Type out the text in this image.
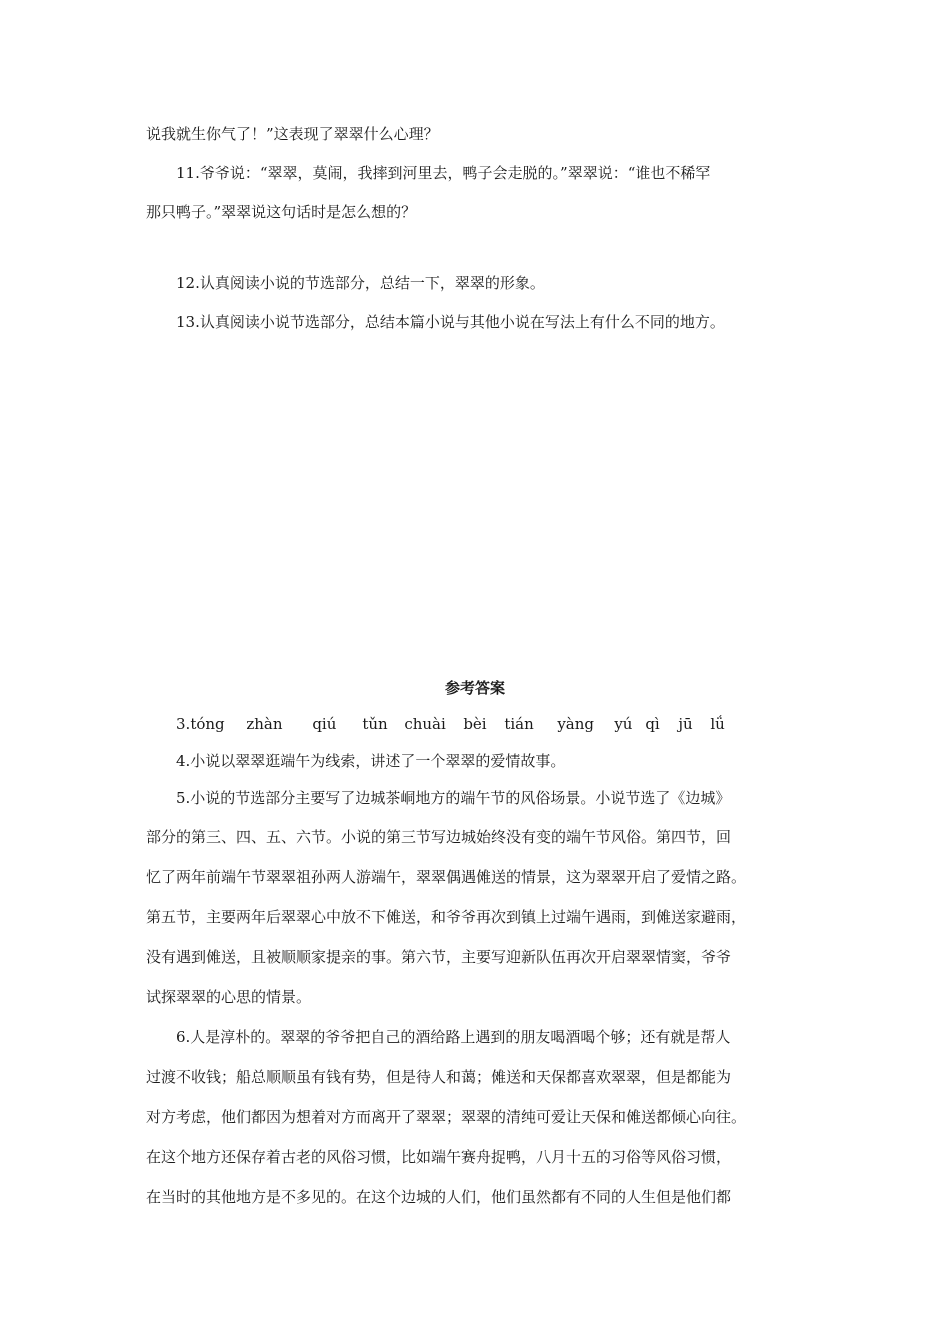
说我就生你气了！”这表现了翠翠什么心理？
11.爷爷说：“翠翠，莫闹，我摔到河里去，鸭子会走脱的。”翠翠说：“谁也不稀罕
那只鸭子。”翠翠说这句话时是怎么想的？
12.认真阅读小说的节选部分，总结一下，翠翠的形象。
13.认真阅读小说节选部分，总结本篇小说与其他小说在写法上有什么不同的地方。
参考答案
3.tóng zhàn qiú tǔn chuài bèi tián yàng yú qì jū lǘ
4.小说以翠翠逛端午为线索，讲述了一个翠翠的爱情故事。
5.小说的节选部分主要写了边城茶峒地方的端午节的风俗场景。小说节选了《边城》
部分的第三、四、五、六节。小说的第三节写边城始终没有变的端午节风俗。第四节，回
忆了两年前端午节翠翠祖孙两人游端午，翠翠偶遇傩送的情景，这为翠翠开启了爱情之路。
第五节，主要两年后翠翠心中放不下傩送，和爷爷再次到镇上过端午遇雨，到傩送家避雨，
没有遇到傩送，且被顺顺家提亲的事。第六节，主要写迎新队伍再次开启翠翠情窦，爷爷
试探翠翠的心思的情景。
6.人是淳朴的。翠翠的爷爷把自己的酒给路上遇到的朋友喝酒喝个够；还有就是帮人
过渡不收钱；船总顺顺虽有钱有势，但是待人和蔼；傩送和天保都喜欢翠翠，但是都能为
对方考虑，他们都因为想着对方而离开了翠翠；翠翠的清纯可爱让天保和傩送都倾心向往。
在这个地方还保存着古老的风俗习惯，比如端午赛舟捉鸭，八月十五的习俗等风俗习惯，
在当时的其他地方是不多见的。在这个边城的人们，他们虽然都有不同的人生但是他们都
